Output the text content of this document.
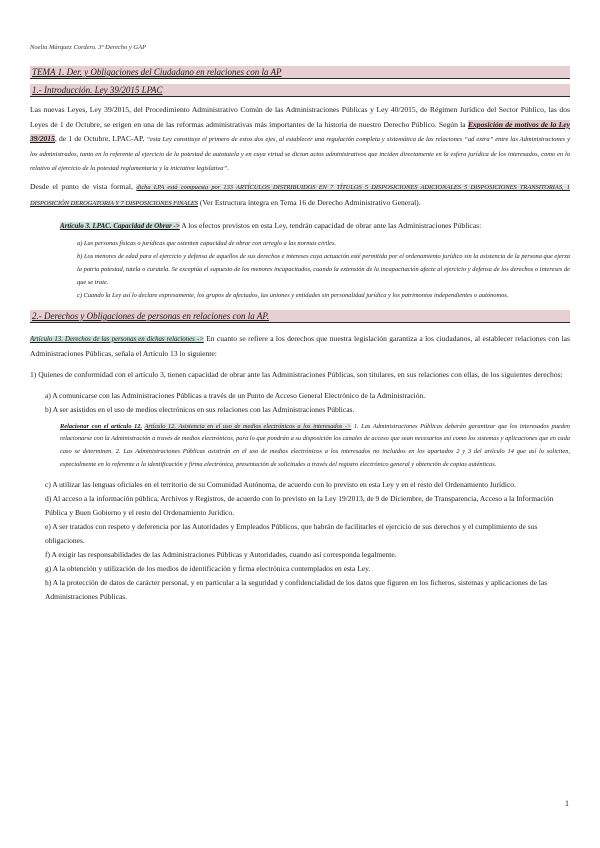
Noelia Márquez Cordero. 3º Derecho y GAP
TEMA 1. Der. y Obligaciones del Ciudadano en relaciones con la AP
1.- Introducción. Ley 39/2015 LPAC

Las nuevas Leyes, Ley 39/2015, del Procedimiento Administrativo Común de las Administraciones Públicas y Ley 40/2015, de Régimen Jurídico del Sector Público, las dos Leyes de 1 de Octubre, se erigen en una de las reformas administrativas más importantes de la historia de nuestro Derecho Público. Según la Exposición de motivos de la Ley 39/2015, de 1 de Octubre, LPAC-AP, “esta Ley constituye el primero de estos dos ejes, al establecer una regulación completa y sistemática de las relaciones “ad extra” entre las Administraciones y los administrados, tanto en lo referente al ejercicio de la potestad de autotutela y en cuya virtud se dictan actos administrativos que inciden directamente en la esfera jurídica de los interesados, como en lo relativo al ejercicio de la potestad reglamentaria y la iniciativa legislativa”.

Desde el punto de vista formal, dicha LPA está compuesta por 133 ARTÍCULOS DISTRIBUIDOS EN 7 TÍTULOS 5 DISPOSICIONES ADICIONALES 5 DISPOSICIONES TRANSITORIAS, 1 DISPOSICIÓN DEROGATORIA Y 7 DISPOSICIONES FINALES (Ver Estructura íntegra en Tema 16 de Derecho Administrativo General).

Artículo 3. LPAC. Capacidad de Obrar -> A los efectos previstos en esta Ley, tendrán capacidad de obrar ante las Administraciones Públicas:

a) Las personas físicas o jurídicas que ostenten capacidad de obrar con arreglo a las normas civiles.

b) Los menores de edad para el ejercicio y defensa de aquellos de sus derechos e intereses cuya actuación esté permitida por el ordenamiento jurídico sin la asistencia de la persona que ejerza la patria potestad, tutela o curatela. Se exceptúa el supuesto de los menores incapacitados, cuando la extensión de la incapacitación afecte al ejercicio y defensa de los derechos o intereses de que se trate.

c) Cuando la Ley así lo declare expresamente, los grupos de afectados, las uniones y entidades sin personalidad jurídica y los patrimonios independientes o autónomos.

2.- Derechos y Obligaciones de personas en relaciones con la AP.

Artículo 13. Derechos de las personas en dichas relaciones -> En cuanto se refiere a los derechos que nuestra legislación garantiza a los ciudadanos, al establecer relaciones con las Administraciones Públicas, señala el Artículo 13 lo siguiente:

1) Quienes de conformidad con el artículo 3, tienen capacidad de obrar ante las Administraciones Públicas, son titulares, en sus relaciones con ellas, de los siguientes derechos:

a) A comunicarse con las Administraciones Públicas a través de un Punto de Acceso General Electrónico de la Administración.

b) A ser asistidos en el uso de medios electrónicos en sus relaciones con las Administraciones Públicas.

Relacionar con el artículo 12. Artículo 12. Asistencia en el uso de medios electrónicos a los interesados -> 1. Las Administraciones Públicas deberán garantizar que los interesados pueden relacionarse con la Administración a través de medios electrónicos, para lo que pondrán a su disposición los canales de acceso que sean necesarios así como los sistemas y aplicaciones que en cada caso se determinen. 2. Las Administraciones Públicas asistirán en el uso de medios electrónicos a los interesados no incluidos en los apartados 2 y 3 del artículo 14 que así lo soliciten, especialmente en lo referente a la identificación y firma electrónica, presentación de solicitudes a través del registro electrónico general y obtención de copias auténticas.

c) A utilizar las lenguas oficiales en el territorio de su Comunidad Autónoma, de acuerdo con lo previsto en esta Ley y en el resto del Ordenamiento Jurídico.

d) Al acceso a la información pública, Archivos y Registros, de acuerdo con lo previsto en la Ley 19/2013, de 9 de Diciembre, de Transparencia, Acceso a la Información Pública y Buen Gobierno y el resto del Ordenamiento Jurídico.

e) A ser tratados con respeto y deferencia por las Autoridades y Empleados Públicos, que habrán de facilitarles el ejercicio de sus derechos y el cumplimiento de sus obligaciones.

f) A exigir las responsabilidades de las Administraciones Públicas y Autoridades, cuando así corresponda legalmente.

g) A la obtención y utilización de los medios de identificación y firma electrónica contemplados en esta Ley.

h) A la protección de datos de carácter personal, y en particular a la seguridad y confidencialidad de los datos que figuren en los ficheros, sistemas y aplicaciones de las Administraciones Públicas.

1
